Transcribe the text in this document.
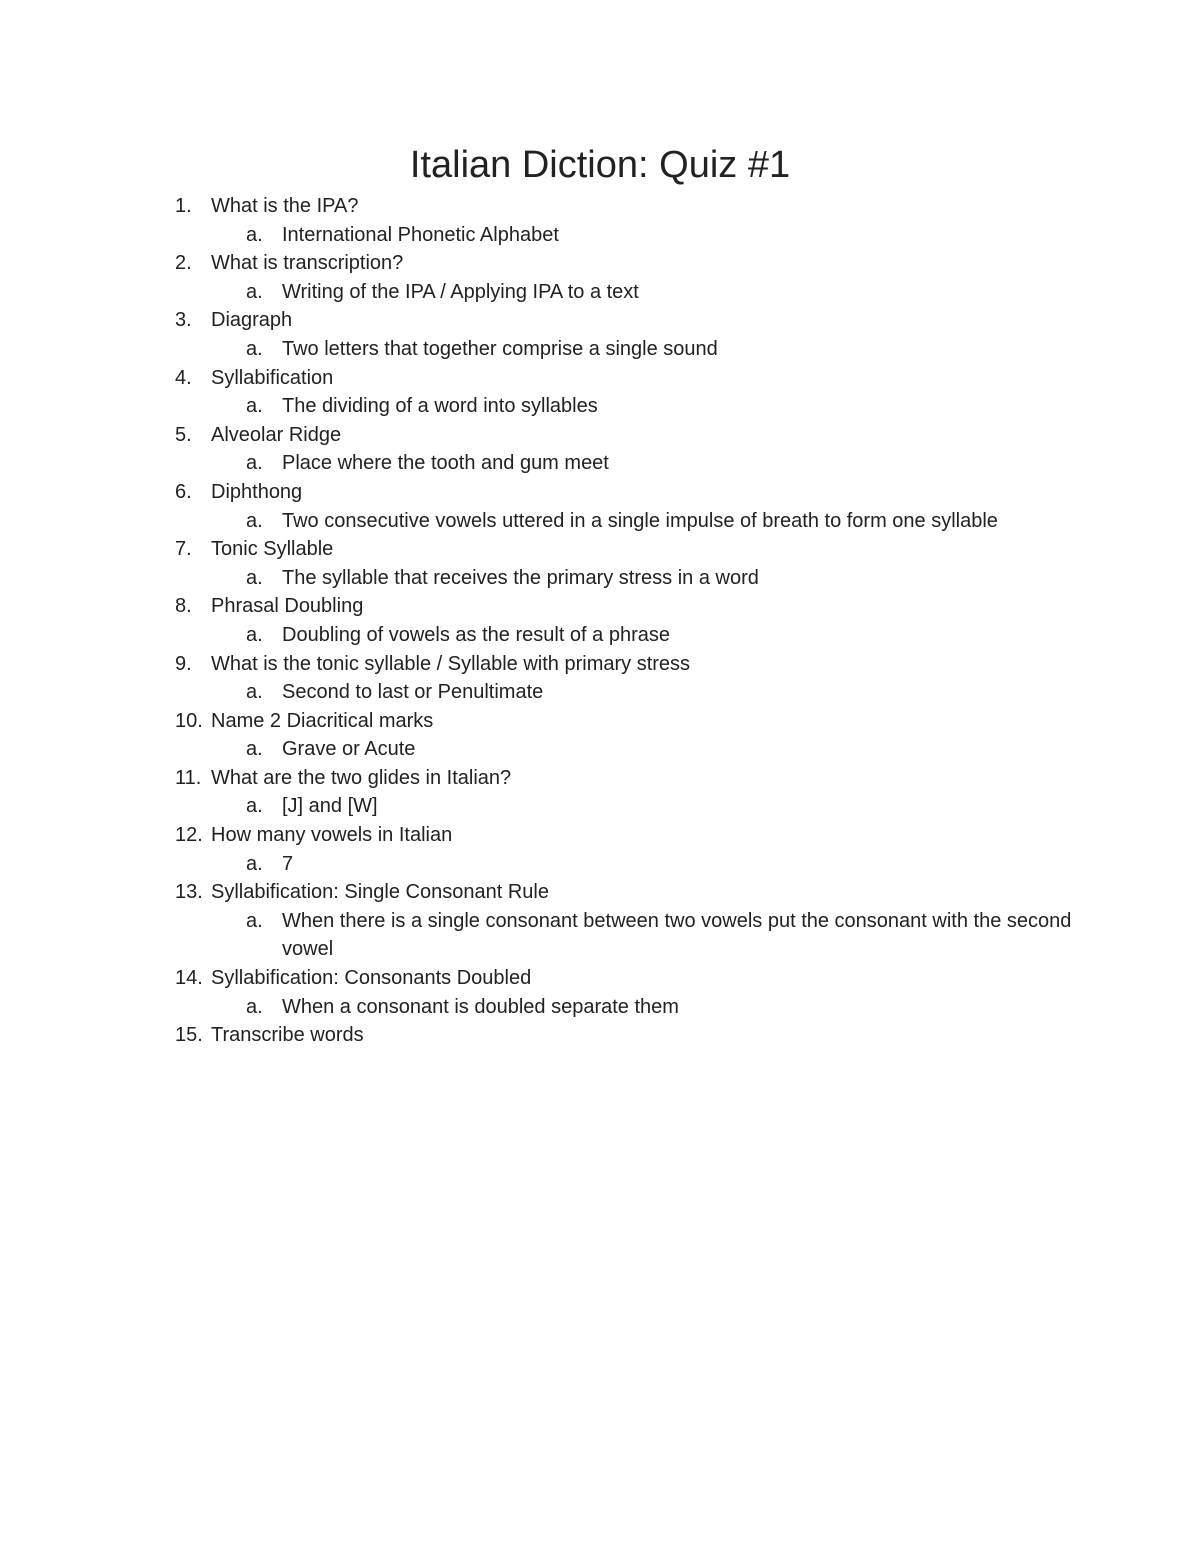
Italian Diction: Quiz #1
1. What is the IPA?
a. International Phonetic Alphabet
2. What is transcription?
a. Writing of the IPA / Applying IPA to a text
3. Diagraph
a. Two letters that together comprise a single sound
4. Syllabification
a. The dividing of a word into syllables
5. Alveolar Ridge
a. Place where the tooth and gum meet
6. Diphthong
a. Two consecutive vowels uttered in a single impulse of breath to form one syllable
7. Tonic Syllable
a. The syllable that receives the primary stress in a word
8. Phrasal Doubling
a. Doubling of vowels as the result of a phrase
9. What is the tonic syllable / Syllable with primary stress
a. Second to last or Penultimate
10. Name 2 Diacritical marks
a. Grave or Acute
11. What are the two glides in Italian?
a. [J] and [W]
12. How many vowels in Italian
a. 7
13. Syllabification: Single Consonant Rule
a. When there is a single consonant between two vowels put the consonant with the second vowel
14. Syllabification: Consonants Doubled
a. When a consonant is doubled separate them
15. Transcribe words
